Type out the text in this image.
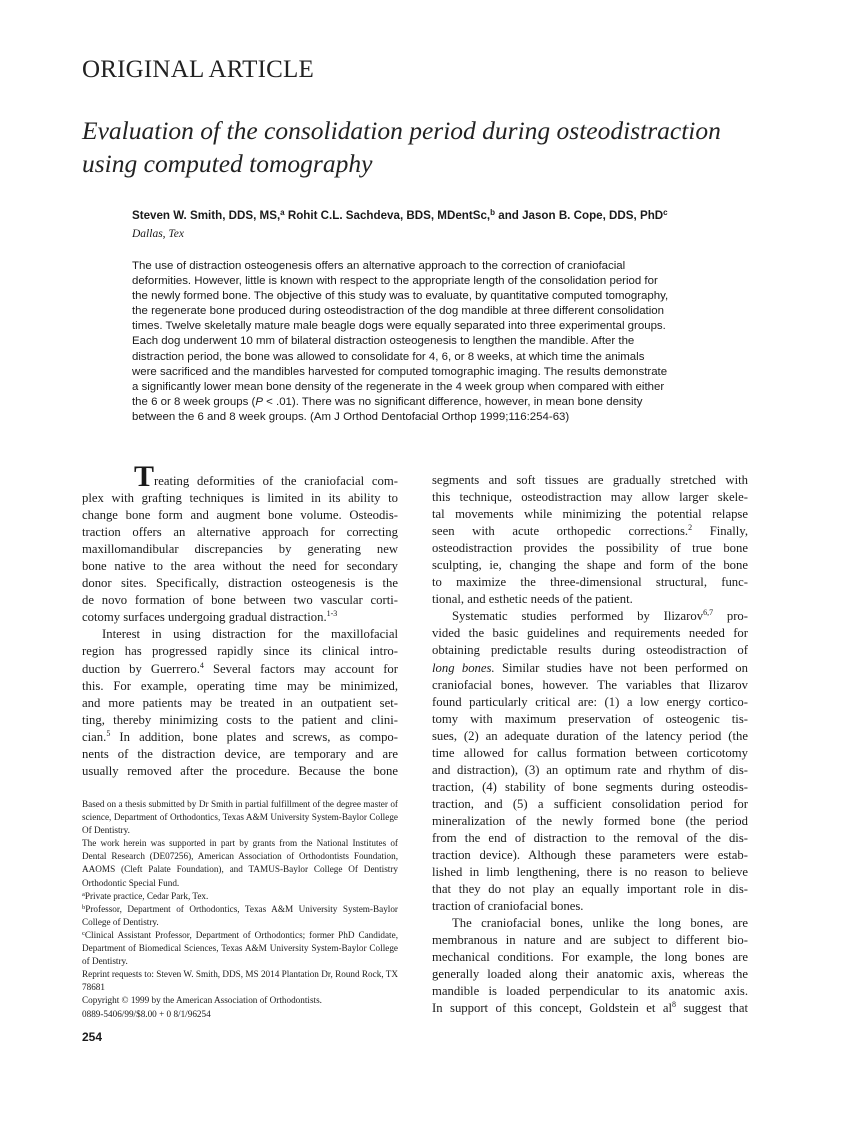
ORIGINAL ARTICLE
Evaluation of the consolidation period during osteodistraction
using computed tomography
Steven W. Smith, DDS, MS,$^a$ Rohit C.L. Sachdeva, BDS, MDentSc,$^b$ and Jason B. Cope, DDS, PhD$^c$
Dallas, Tex

The use of distraction osteogenesis offers an alternative approach to the correction of craniofacial

deformities. However, little is known with respect to the appropriate length of the consolidation period for

the newly formed bone. The objective of this study was to evaluate, by quantitative computed tomography,

the regenerate bone produced during osteodistraction of the dog mandible at three different consolidation

times. Twelve skeletally mature male beagle dogs were equally separated into three experimental groups.

Each dog underwent 10 mm of bilateral distraction osteogenesis to lengthen the mandible. After the

distraction period, the bone was allowed to consolidate for 4, 6, or 8 weeks, at which time the animals

were sacrificed and the mandibles harvested for computed tomographic imaging. The results demonstrate

a significantly lower mean bone density of the regenerate in the 4 week group when compared with either

the 6 or 8 week groups (P < .01). There was no significant difference, however, in mean bone density

between the 6 and 8 week groups. (Am J Orthod Dentofacial Orthop 1999;116:254-63)

Treating deformities of the craniofacial com-
plex with grafting techniques is limited in its ability to
change bone form and augment bone volume. Osteodis-
traction offers an alternative approach for correcting
maxillomandibular discrepancies by generating new
bone native to the area without the need for secondary
donor sites. Specifically, distraction osteogenesis is the
de novo formation of bone between two vascular corti-
cotomy surfaces undergoing gradual distraction.$^{1-3}$
Interest in using distraction for the maxillofacial
region has progressed rapidly since its clinical intro-
duction by Guerrero.$^4$ Several factors may account for
this. For example, operating time may be minimized,
and more patients may be treated in an outpatient set-
ting, thereby minimizing costs to the patient and clini-
cian.$^5$ In addition, bone plates and screws, as compo-
nents of the distraction device, are temporary and are
usually removed after the procedure. Because the bone

Based on a thesis submitted by Dr Smith in partial fulfillment of the degree master of science, Department of Orthodontics, Texas A&M University System-Baylor College Of Dentistry.

The work herein was supported in part by grants from the National Institutes of Dental Research (DE07256), American Association of Orthodontists Foundation, AAOMS (Cleft Palate Foundation), and TAMUS-Baylor College Of Dentistry Orthodontic Special Fund.

$^a$Private practice, Cedar Park, Tex.

$^b$Professor, Department of Orthodontics, Texas A&M University System-Baylor College of Dentistry.

$^c$Clinical Assistant Professor, Department of Orthodontics; former PhD Candidate, Department of Biomedical Sciences, Texas A&M University System-Baylor College of Dentistry.

Reprint requests to: Steven W. Smith, DDS, MS 2014 Plantation Dr, Round Rock, TX 78681

Copyright © 1999 by the American Association of Orthodontists.

0889-5406/99/$8.00 + 0 8/1/96254

segments and soft tissues are gradually stretched with
this technique, osteodistraction may allow larger skele-
tal movements while minimizing the potential relapse
seen with acute orthopedic corrections.$^2$ Finally,
osteodistraction provides the possibility of true bone
sculpting, ie, changing the shape and form of the bone
to maximize the three-dimensional structural, func-
tional, and esthetic needs of the patient.
Systematic studies performed by Ilizarov$^{6,7}$ pro-
vided the basic guidelines and requirements needed for
obtaining predictable results during osteodistraction of
long bones. Similar studies have not been performed on
craniofacial bones, however. The variables that Ilizarov
found particularly critical are: (1) a low energy cortico-
tomy with maximum preservation of osteogenic tis-
sues, (2) an adequate duration of the latency period (the
time allowed for callus formation between corticotomy
and distraction), (3) an optimum rate and rhythm of dis-
traction, (4) stability of bone segments during osteodis-
traction, and (5) a sufficient consolidation period for
mineralization of the newly formed bone (the period
from the end of distraction to the removal of the dis-
traction device). Although these parameters were estab-
lished in limb lengthening, there is no reason to believe
that they do not play an equally important role in dis-
traction of craniofacial bones.
The craniofacial bones, unlike the long bones, are
membranous in nature and are subject to different bio-
mechanical conditions. For example, the long bones are
generally loaded along their anatomic axis, whereas the
mandible is loaded perpendicular to its anatomic axis.
In support of this concept, Goldstein et $al^8$ suggest that
254
